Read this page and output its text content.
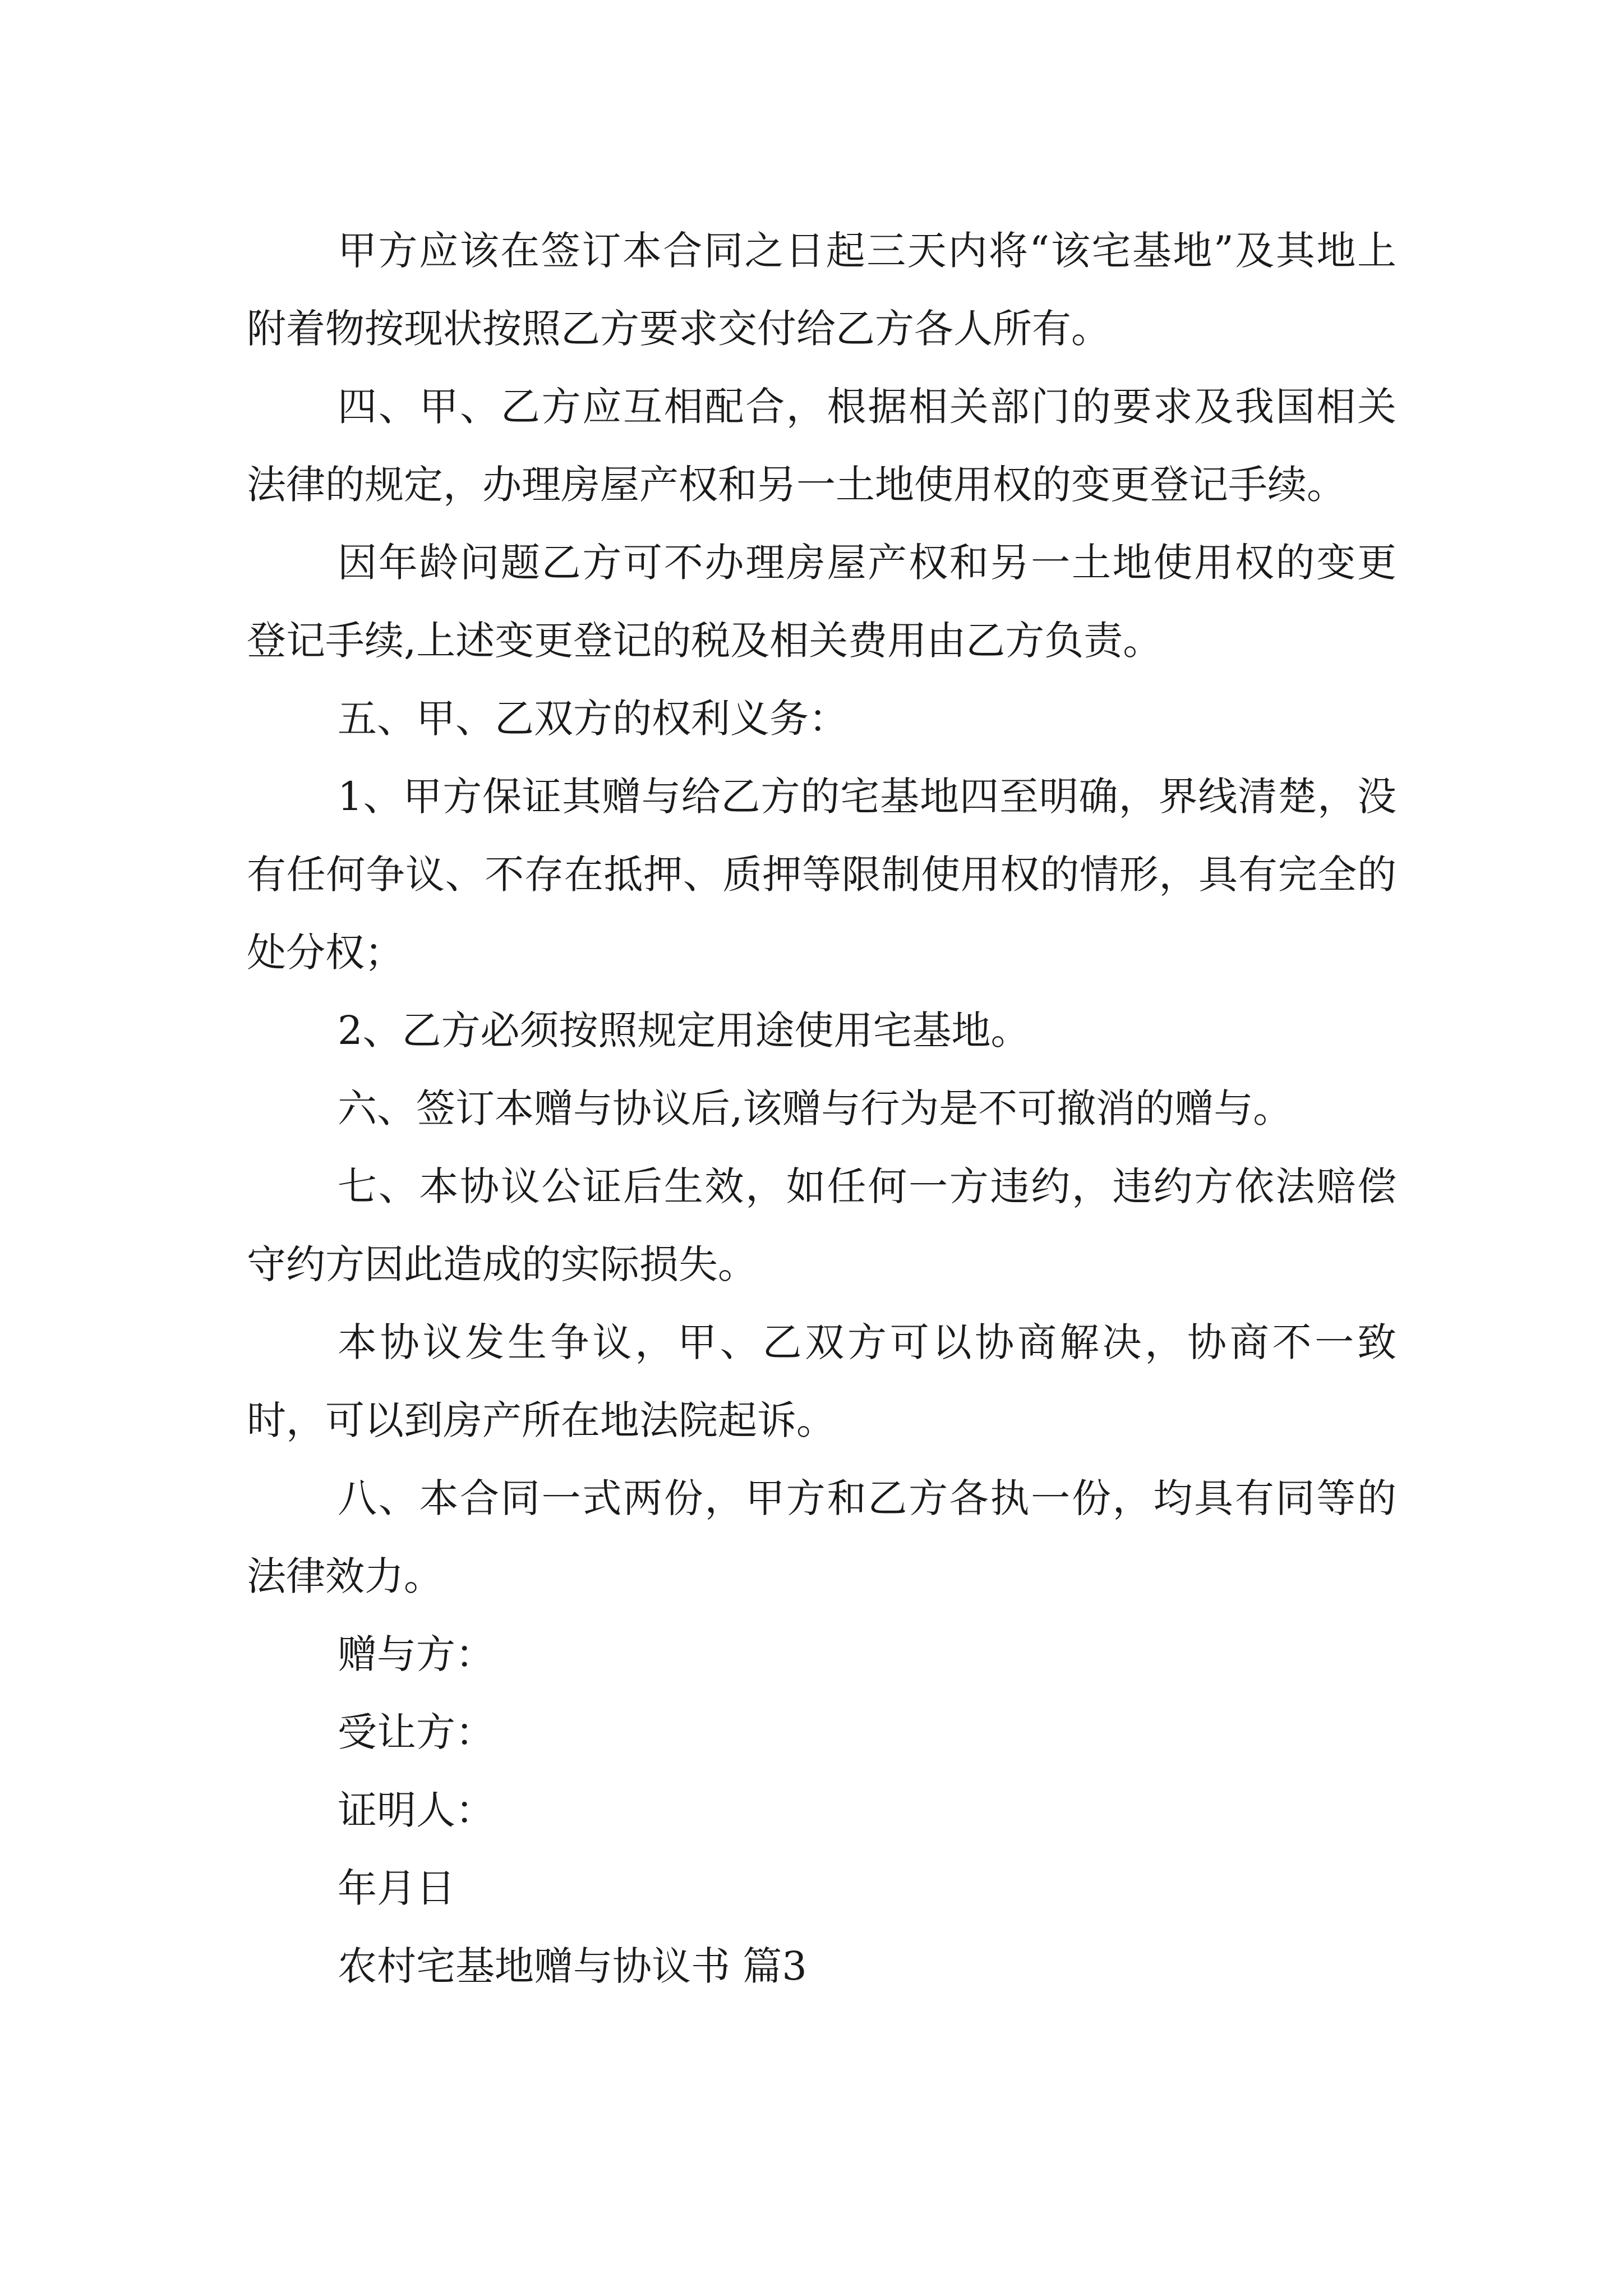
甲方应该在签订本合同之日起三天内将“该宅基地”及其地上附着物按现状按照乙方要求交付给乙方各人所有。

四、甲、乙方应互相配合，根据相关部门的要求及我国相关法律的规定，办理房屋产权和另一土地使用权的变更登记手续。

因年龄问题乙方可不办理房屋产权和另一土地使用权的变更登记手续,上述变更登记的税及相关费用由乙方负责。

五、甲、乙双方的权利义务：

1、甲方保证其赠与给乙方的宅基地四至明确，界线清楚，没有任何争议、不存在抵押、质押等限制使用权的情形，具有完全的处分权；

2、乙方必须按照规定用途使用宅基地。

六、签订本赠与协议后,该赠与行为是不可撤消的赠与。

七、本协议公证后生效，如任何一方违约，违约方依法赔偿守约方因此造成的实际损失。

本协议发生争议，甲、乙双方可以协商解决，协商不一致时，可以到房产所在地法院起诉。

八、本合同一式两份，甲方和乙方各执一份，均具有同等的法律效力。

赠与方：

受让方：

证明人：

年月日

农村宅基地赠与协议书 篇3
